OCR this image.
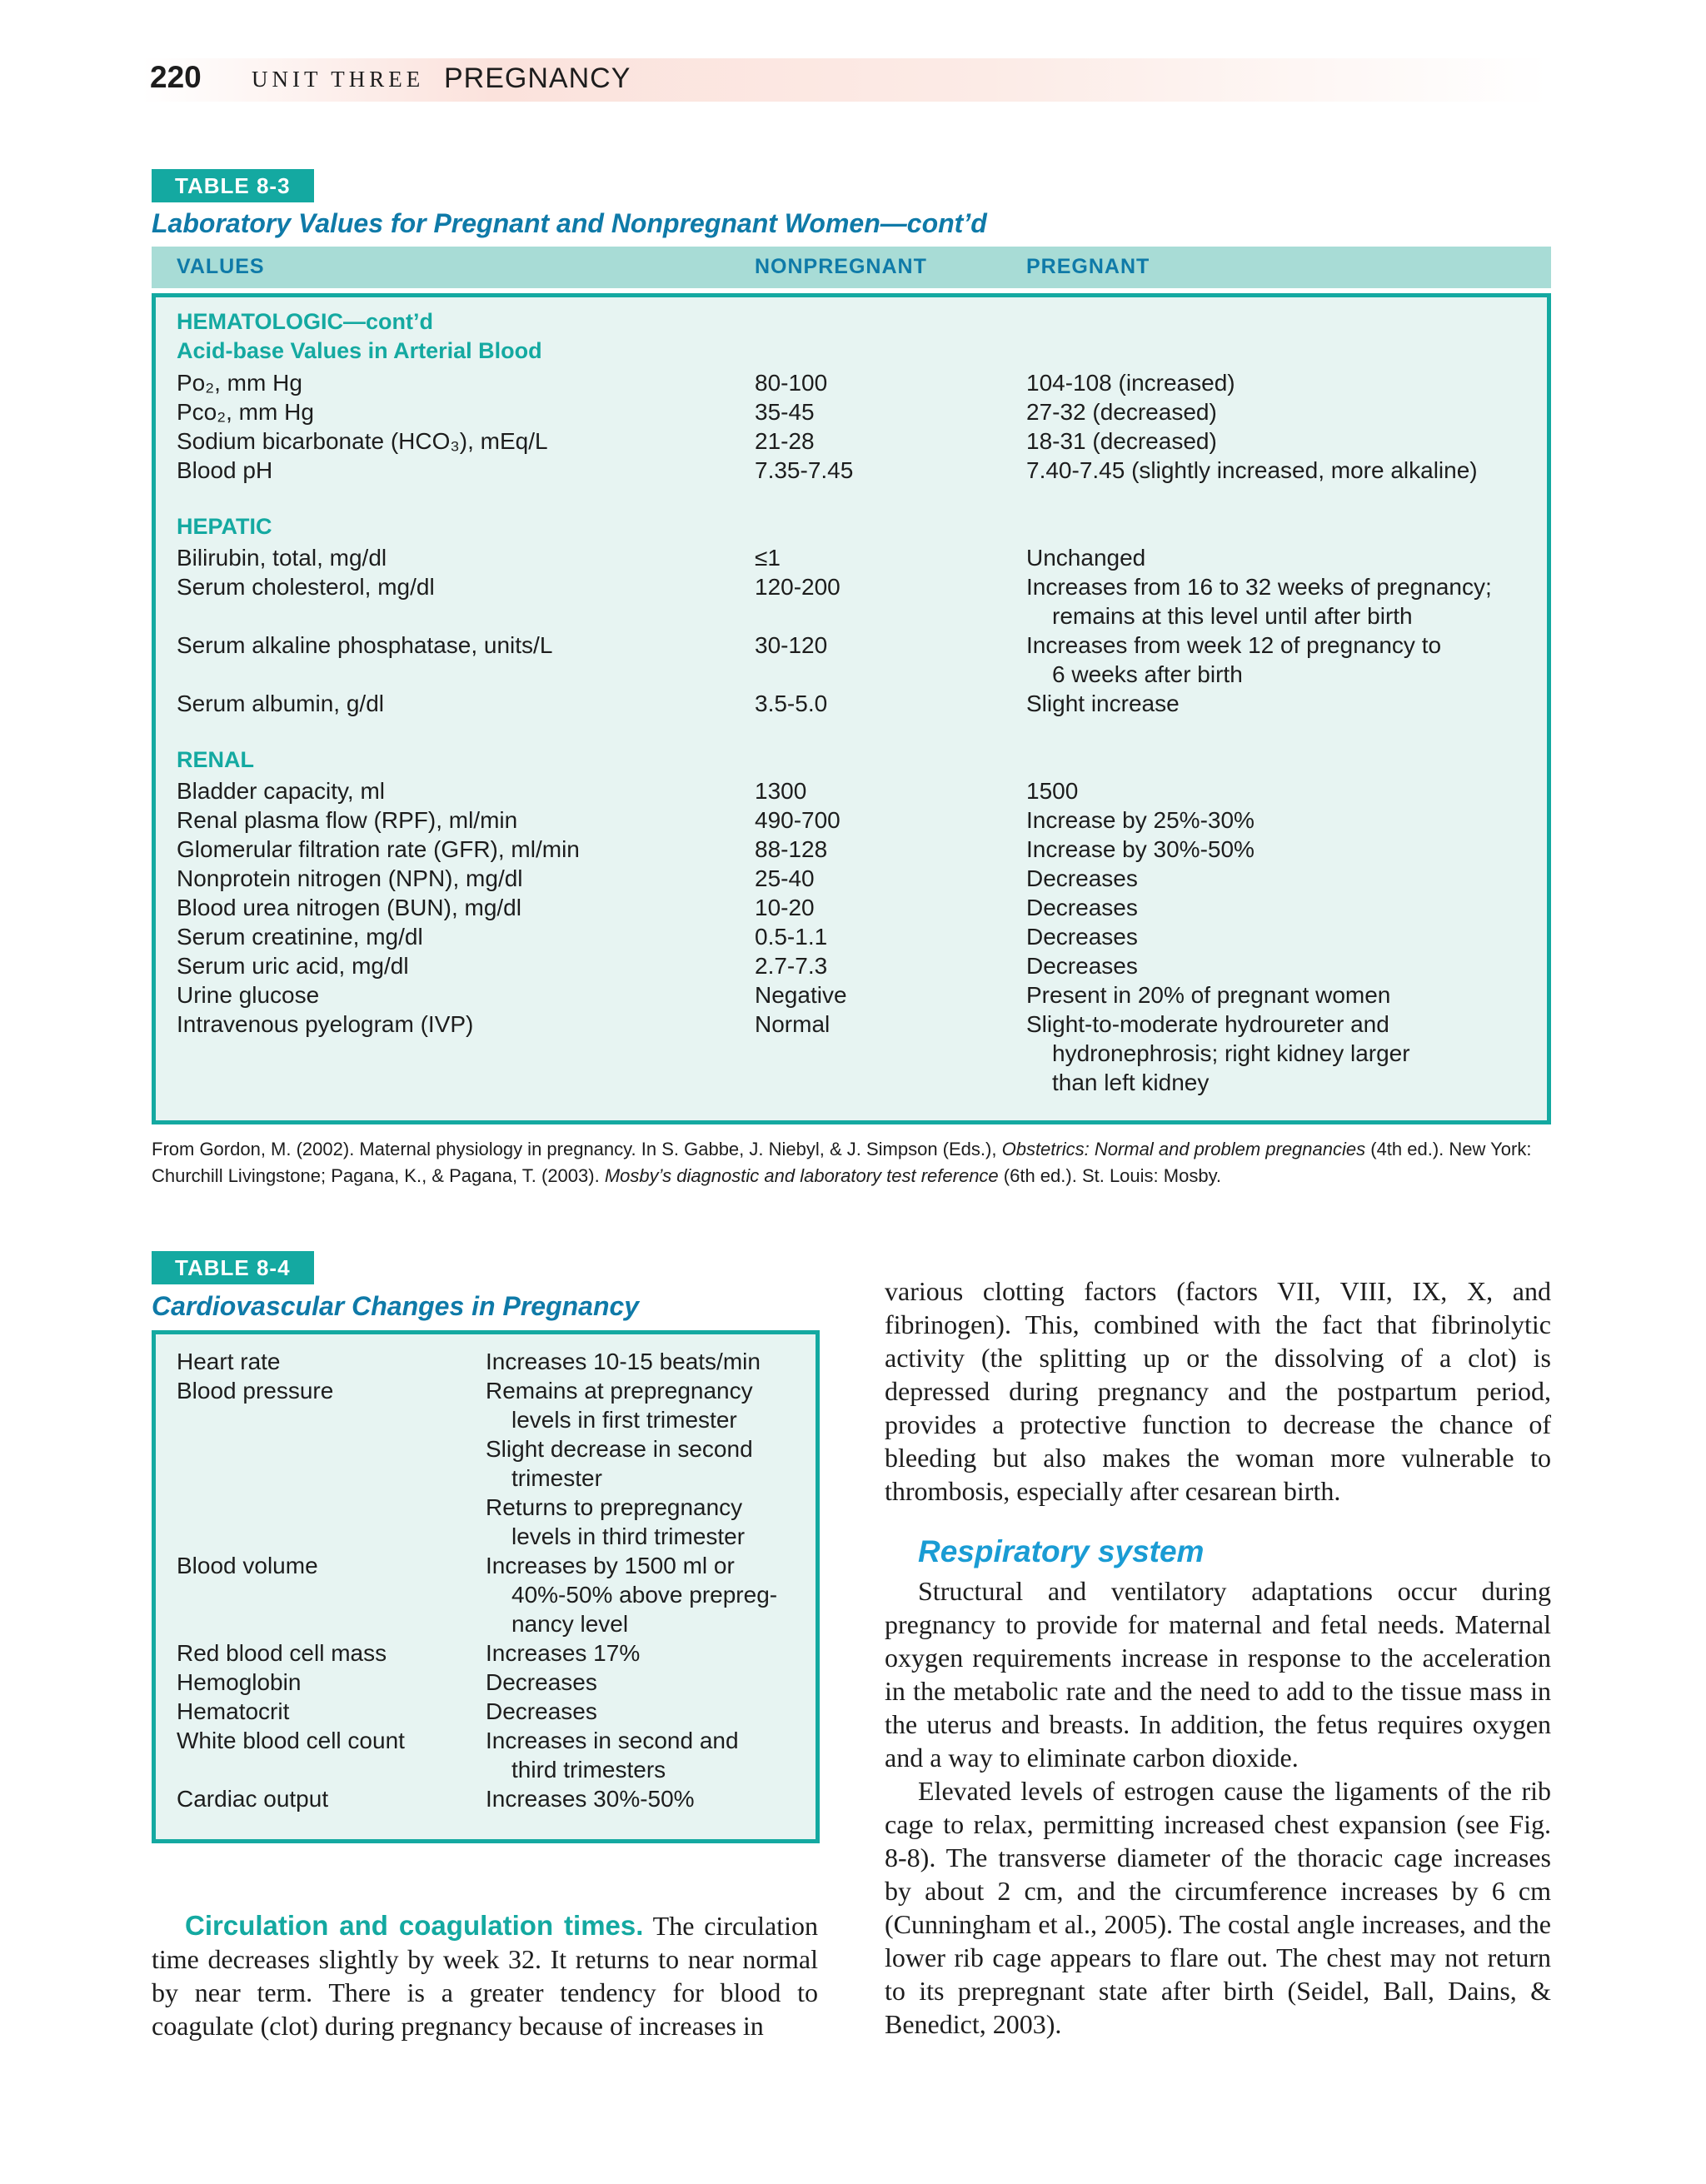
220 UNIT THREE PREGNANCY
TABLE 8-3
Laboratory Values for Pregnant and Nonpregnant Women—cont’d
VALUES	NONPREGNANT	PREGNANT
HEMATOLOGIC—cont’d
Acid-base Values in Arterial Blood
Po₂, mm Hg	80-100	104-108 (increased)
Pco₂, mm Hg	35-45	27-32 (decreased)
Sodium bicarbonate (HCO₃), mEq/L	21-28	18-31 (decreased)
Blood pH	7.35-7.45	7.40-7.45 (slightly increased, more alkaline)
HEPATIC
Bilirubin, total, mg/dl	≤1	Unchanged
Serum cholesterol, mg/dl	120-200	Increases from 16 to 32 weeks of pregnancy;
remains at this level until after birth
Serum alkaline phosphatase, units/L	30-120	Increases from week 12 of pregnancy to
6 weeks after birth
Serum albumin, g/dl	3.5-5.0	Slight increase
RENAL
Bladder capacity, ml	1300	1500
Renal plasma flow (RPF), ml/min	490-700	Increase by 25%-30%
Glomerular filtration rate (GFR), ml/min	88-128	Increase by 30%-50%
Nonprotein nitrogen (NPN), mg/dl	25-40	Decreases
Blood urea nitrogen (BUN), mg/dl	10-20	Decreases
Serum creatinine, mg/dl	0.5-1.1	Decreases
Serum uric acid, mg/dl	2.7-7.3	Decreases
Urine glucose	Negative	Present in 20% of pregnant women
Intravenous pyelogram (IVP)	Normal	Slight-to-moderate hydroureter and
hydronephrosis; right kidney larger
than left kidney
From Gordon, M. (2002). Maternal physiology in pregnancy. In S. Gabbe, J. Niebyl, & J. Simpson (Eds.), Obstetrics: Normal and problem pregnancies (4th ed.). New York: Churchill Livingstone; Pagana, K., & Pagana, T. (2003). Mosby’s diagnostic and laboratory test reference (6th ed.). St. Louis: Mosby.
TABLE 8-4
Cardiovascular Changes in Pregnancy
Heart rate	Increases 10-15 beats/min
Blood pressure	Remains at prepregnancy
levels in first trimester
Slight decrease in second
trimester
Returns to prepregnancy
levels in third trimester
Blood volume	Increases by 1500 ml or
40%-50% above prepreg-
nancy level
Red blood cell mass	Increases 17%
Hemoglobin	Decreases
Hematocrit	Decreases
White blood cell count	Increases in second and
third trimesters
Cardiac output	Increases 30%-50%

Circulation and coagulation times. The circulation time decreases slightly by week 32. It returns to near normal by near term. There is a greater tendency for blood to coagulate (clot) during pregnancy because of increases in

various clotting factors (factors VII, VIII, IX, X, and fibrinogen). This, combined with the fact that fibrinolytic activity (the splitting up or the dissolving of a clot) is depressed during pregnancy and the postpartum period, provides a protective function to decrease the chance of bleeding but also makes the woman more vulnerable to thrombosis, especially after cesarean birth.

Respiratory system

Structural and ventilatory adaptations occur during pregnancy to provide for maternal and fetal needs. Maternal oxygen requirements increase in response to the acceleration in the metabolic rate and the need to add to the tissue mass in the uterus and breasts. In addition, the fetus requires oxygen and a way to eliminate carbon dioxide.

Elevated levels of estrogen cause the ligaments of the rib cage to relax, permitting increased chest expansion (see Fig. 8-8). The transverse diameter of the thoracic cage increases by about 2 cm, and the circumference increases by 6 cm (Cunningham et al., 2005). The costal angle increases, and the lower rib cage appears to flare out. The chest may not return to its prepregnant state after birth (Seidel, Ball, Dains, & Benedict, 2003).
